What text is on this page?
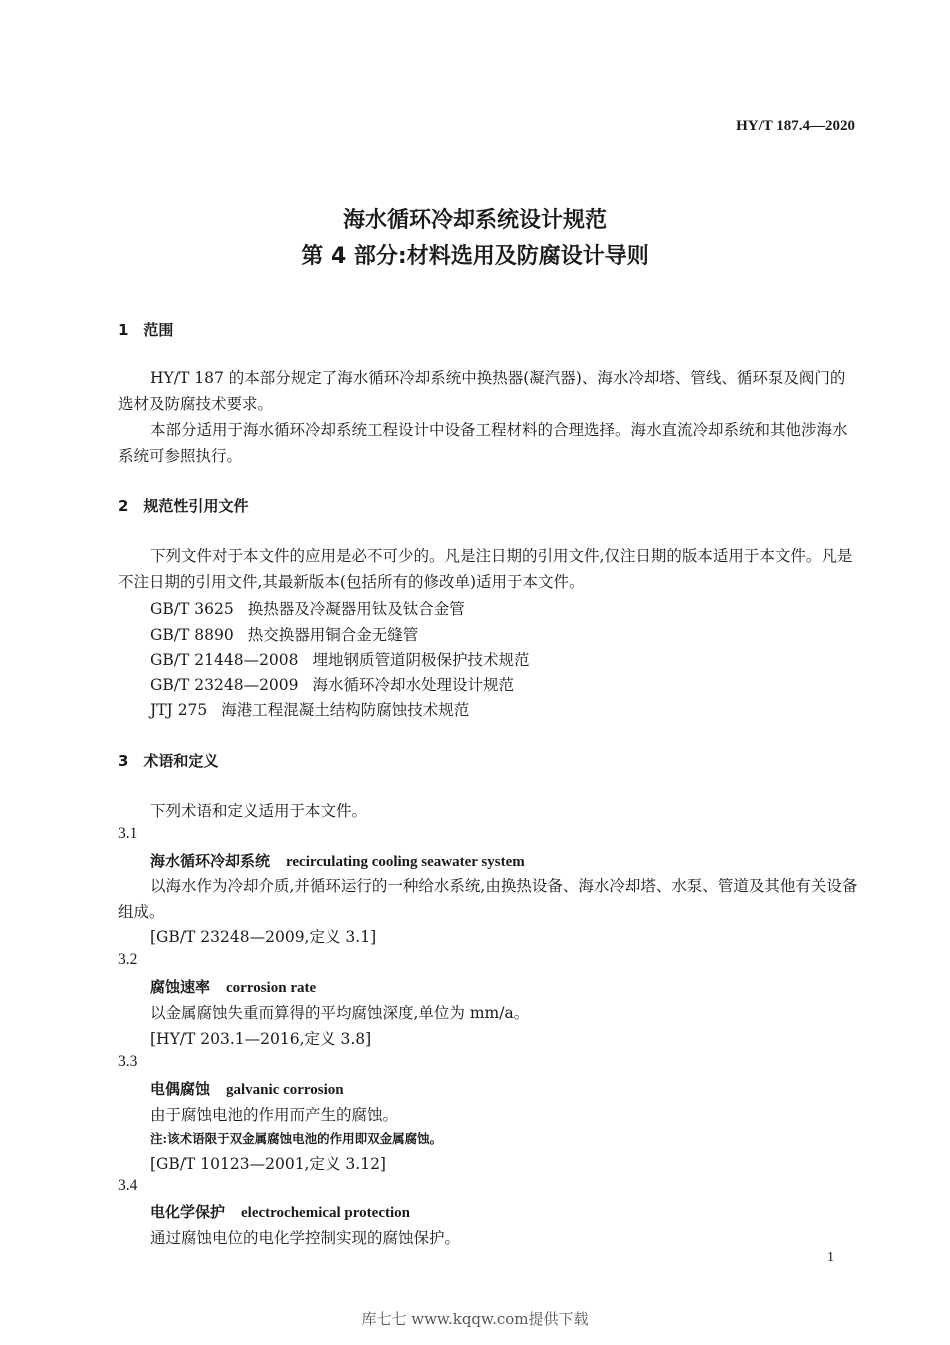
HY/T 187.4—2020
海水循环冷却系统设计规范
第 4 部分:材料选用及防腐设计导则
1　范围
HY/T 187 的本部分规定了海水循环冷却系统中换热器(凝汽器)、海水冷却塔、管线、循环泵及阀门的选材及防腐技术要求。
本部分适用于海水循环冷却系统工程设计中设备工程材料的合理选择。海水直流冷却系统和其他涉海水系统可参照执行。
2　规范性引用文件
下列文件对于本文件的应用是必不可少的。凡是注日期的引用文件,仅注日期的版本适用于本文件。凡是不注日期的引用文件,其最新版本(包括所有的修改单)适用于本文件。
GB/T 3625 换热器及冷凝器用钛及钛合金管
GB/T 8890 热交换器用铜合金无缝管
GB/T 21448—2008 埋地钢质管道阴极保护技术规范
GB/T 23248—2009 海水循环冷却水处理设计规范
JTJ 275 海港工程混凝土结构防腐蚀技术规范
3　术语和定义
下列术语和定义适用于本文件。
3.1
海水循环冷却系统 recirculating cooling seawater system
以海水作为冷却介质,并循环运行的一种给水系统,由换热设备、海水冷却塔、水泵、管道及其他有关设备组成。
[GB/T 23248—2009,定义 3.1]
3.2
腐蚀速率 corrosion rate
以金属腐蚀失重而算得的平均腐蚀深度,单位为 mm/a。
[HY/T 203.1—2016,定义 3.8]
3.3
电偶腐蚀 galvanic corrosion
由于腐蚀电池的作用而产生的腐蚀。
注:该术语限于双金属腐蚀电池的作用即双金属腐蚀。
[GB/T 10123—2001,定义 3.12]
3.4
电化学保护 electrochemical protection
通过腐蚀电位的电化学控制实现的腐蚀保护。
1
库七七 www.kqqw.com提供下载
